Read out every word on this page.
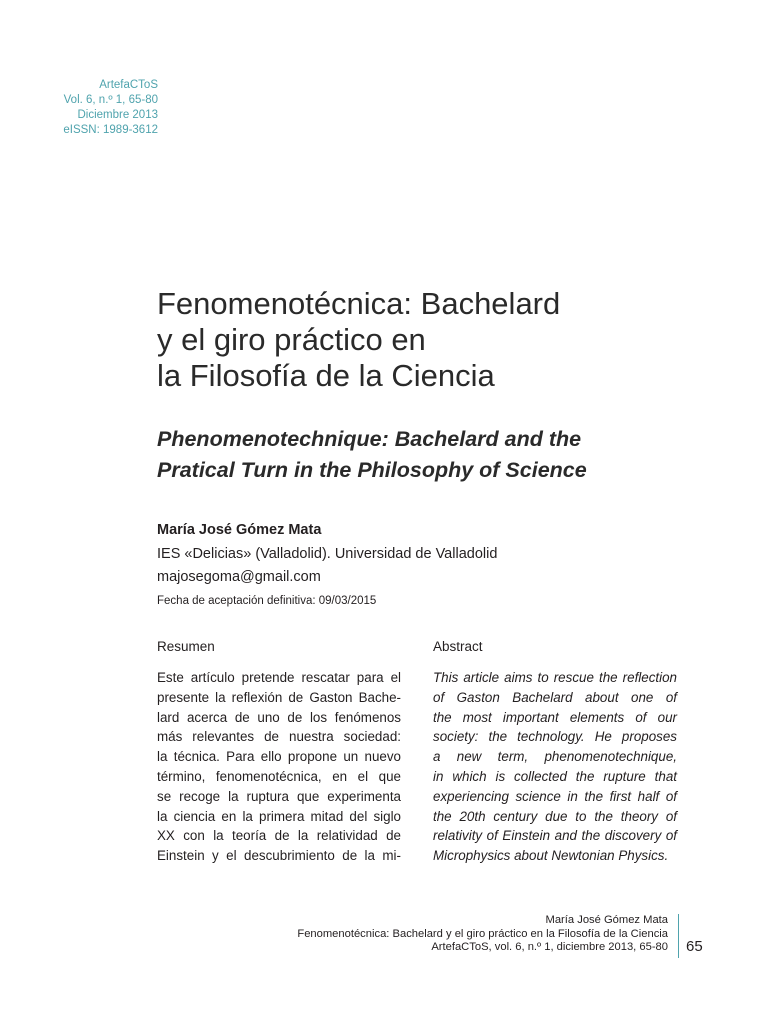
ArtefaCToS
Vol. 6, n.º 1, 65-80
Diciembre 2013
eISSN: 1989-3612
Fenomenotécnica: Bachelard
y el giro práctico en
la Filosofía de la Ciencia
Phenomenotechnique: Bachelard and the
Pratical Turn in the Philosophy of Science
María José Gómez Mata
IES «Delicias» (Valladolid). Universidad de Valladolid
majosegoma@gmail.com
Fecha de aceptación definitiva: 09/03/2015
Resumen	Abstract
Este artículo pretende rescatar para el
presente la reflexión de Gaston Bache-
lard acerca de uno de los fenómenos
más relevantes de nuestra sociedad:
la técnica. Para ello propone un nuevo
término, fenomenotécnica, en el que
se recoge la ruptura que experimenta
la ciencia en la primera mitad del siglo
XX con la teoría de la relatividad de
Einstein y el descubrimiento de la mi-
This article aims to rescue the reflection
of Gaston Bachelard about one of
the most important elements of our
society: the technology. He proposes
a new term, phenomenotechnique,
in which is collected the rupture that
experiencing science in the first half of
the 20th century due to the theory of
relativity of Einstein and the discovery of
Microphysics about Newtonian Physics.
María José Gómez Mata
Fenomenotécnica: Bachelard y el giro práctico en la Filosofía de la Ciencia
ArtefaCToS, vol. 6, n.º 1, diciembre 2013, 65-80 65
